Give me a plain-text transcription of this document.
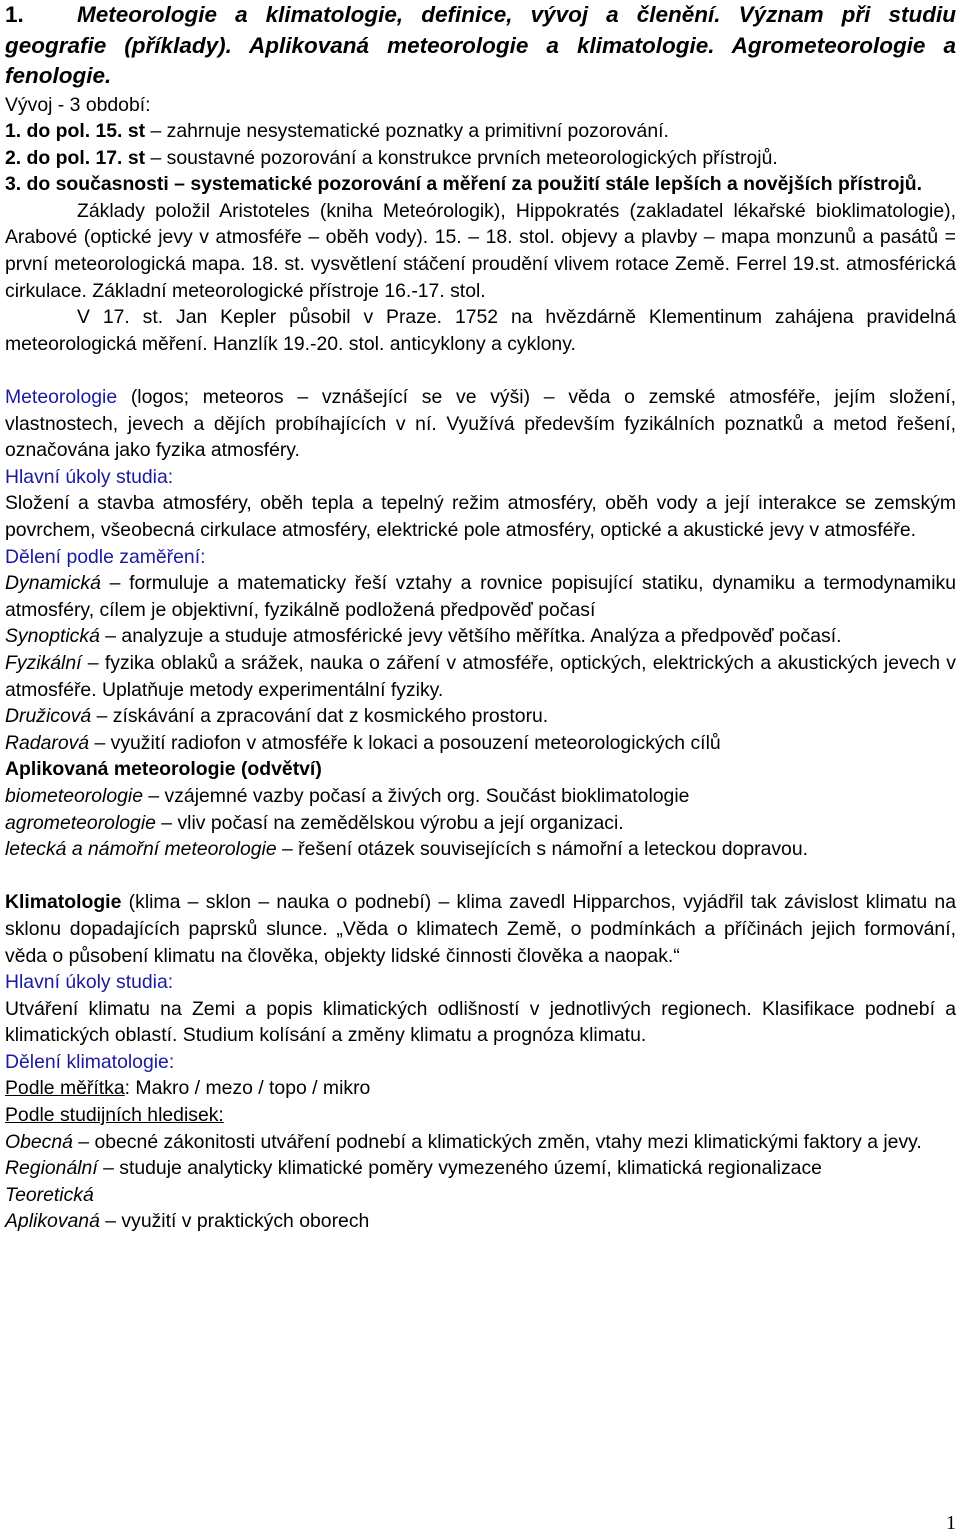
1. Meteorologie a klimatologie, definice, vývoj a členění. Význam při studiu geografie (příklady). Aplikovaná meteorologie a klimatologie. Agrometeorologie a fenologie.

Vývoj - 3 období:

1. do pol. 15. st – zahrnuje nesystematické poznatky a primitivní pozorování.

2. do pol. 17. st – soustavné pozorování a konstrukce prvních meteorologických přístrojů.

3. do současnosti – systematické pozorování a měření za použití stále lepších a novějších přístrojů.

Základy položil Aristoteles (kniha Meteórologik), Hippokratés (zakladatel lékařské bioklimatologie), Arabové (optické jevy v atmosféře – oběh vody). 15. – 18. stol. objevy a plavby – mapa monzunů a pasátů = první meteorologická mapa. 18. st. vysvětlení stáčení proudění vlivem rotace Země. Ferrel 19.st. atmosférická cirkulace. Základní meteorologické přístroje 16.-17. stol.

V 17. st. Jan Kepler působil v Praze. 1752 na hvězdárně Klementinum zahájena pravidelná meteorologická měření. Hanzlík 19.-20. stol. anticyklony a cyklony.

Meteorologie (logos; meteoros – vznášející se ve výši) – věda o zemské atmosféře, jejím složení, vlastnostech, jevech a dějích probíhajících v ní. Využívá především fyzikálních poznatků a metod řešení, označována jako fyzika atmosféry.

Hlavní úkoly studia:

Složení a stavba atmosféry, oběh tepla a tepelný režim atmosféry, oběh vody a její interakce se zemským povrchem, všeobecná cirkulace atmosféry, elektrické pole atmosféry, optické a akustické jevy v atmosféře.

Dělení podle zaměření:

Dynamická – formuluje a matematicky řeší vztahy a rovnice popisující statiku, dynamiku a termodynamiku atmosféry, cílem je objektivní, fyzikálně podložená předpověď počasí

Synoptická – analyzuje a studuje atmosférické jevy většího měřítka. Analýza a předpověď počasí.

Fyzikální – fyzika oblaků a srážek, nauka o záření v atmosféře, optických, elektrických a akustických jevech v atmosféře. Uplatňuje metody experimentální fyziky.

Družicová – získávání a zpracování dat z kosmického prostoru.

Radarová – využití radiofon v atmosféře k lokaci a posouzení meteorologických cílů

Aplikovaná meteorologie (odvětví)

biometeorologie – vzájemné vazby počasí a živých org. Součást bioklimatologie

agrometeorologie – vliv počasí na zemědělskou výrobu a její organizaci.

letecká a námořní meteorologie – řešení otázek souvisejících s námořní a leteckou dopravou.

Klimatologie (klima – sklon – nauka o podnebí) – klima zavedl Hipparchos, vyjádřil tak závislost klimatu na sklonu dopadajících paprsků slunce. „Věda o klimatech Země, o podmínkách a příčinách jejich formování, věda o působení klimatu na člověka, objekty lidské činnosti člověka a naopak.“

Hlavní úkoly studia:

Utváření klimatu na Zemi a popis klimatických odlišností v jednotlivých regionech. Klasifikace podnebí a klimatických oblastí. Studium kolísání a změny klimatu a prognóza klimatu.

Dělení klimatologie:

Podle měřítka: Makro / mezo / topo / mikro

Podle studijních hledisek:

Obecná – obecné zákonitosti utváření podnebí a klimatických změn, vtahy mezi klimatickými faktory a jevy.

Regionální – studuje analyticky klimatické poměry vymezeného území, klimatická regionalizace

Teoretická

Aplikovaná – využití v praktických oborech

1
